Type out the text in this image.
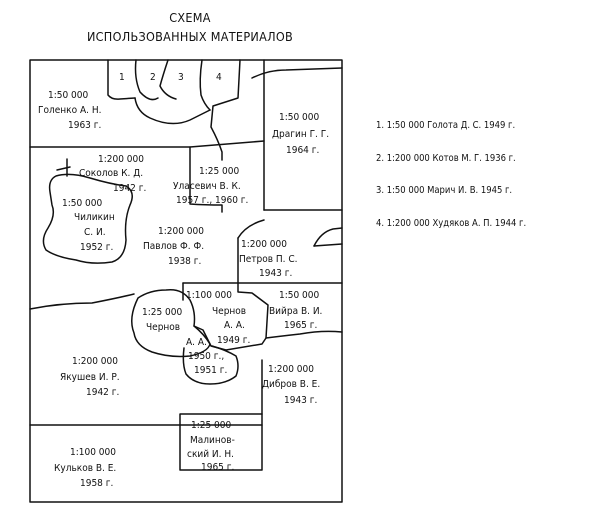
СХЕМА
ИСПОЛЬЗОВАННЫХ МАТЕРИАЛОВ
1	2 3	4
1:50 000
Голенко А. Н.
1963 г.
1:50 000
Драгин Г. Г.
1964 г.
1:200 000
Соколов К. Д.
1942 г.
1:25 000
Уласевич В. К.
1957 г., 1960 г.
1:50 000
Чиликин
С. И.
1952 г.
1:200 000
Павлов Ф. Ф.
1938 г.
1:200 000
Петров П. С.
1943 г.
1:100 000
Чернов
А. А.
1949 г.
1:50 000
Вийра В. И.
1965 г.
1:25 000
Чернов
А. А.
1950 г.,
1951 г.
1:200 000
Якушев И. Р.
1942 г.
1:200 000
Дибров В. Е.
1943 г.
1:25 000
Малинов-
ский И. Н.
1965 г.
1:100 000
Кульков В. Е.
1958 г.
1. 1:50 000 Голота Д. С. 1949 г.
2. 1:200 000 Котов М. Г. 1936 г.
3. 1:50 000 Марич И. В. 1945 г.
4. 1:200 000 Худяков А. П. 1944 г.
